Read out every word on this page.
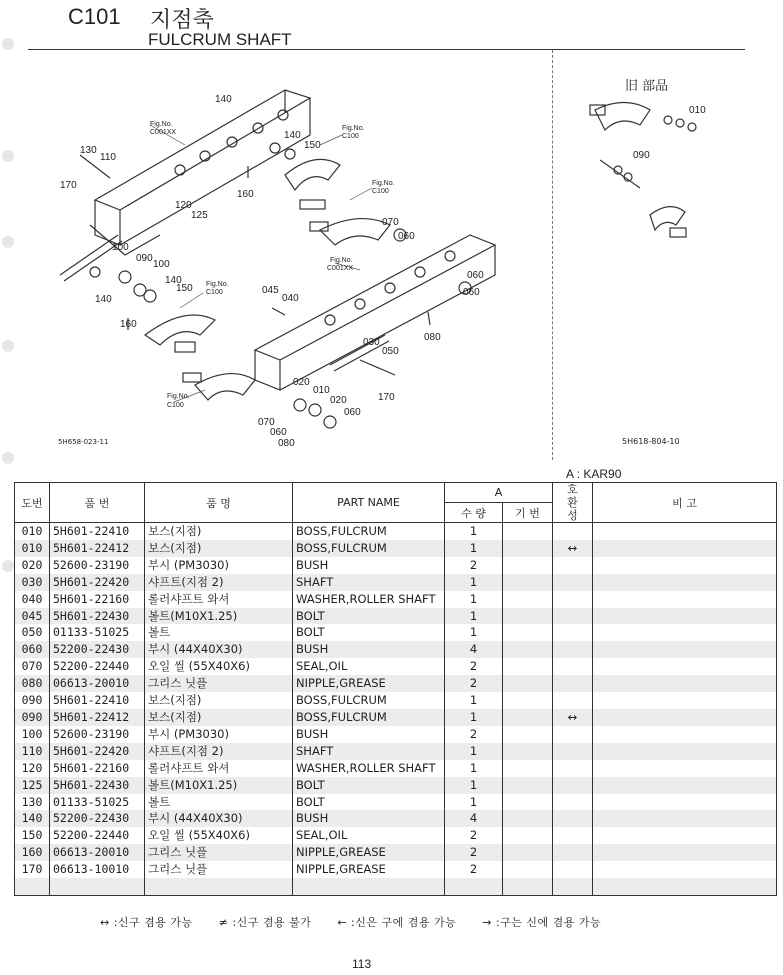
C101 지점축
FULCRUM SHAFT
140
130
110
170
140
150
160
120
125
100
090
100
140
150
140
160
070
060
060
060
045
040
080
030
050
170
020
010
020
060
070
060
080
010
090
Fig.No.
C001XX
Fig.No.
C100
Fig.No.
C100
Fig.No.
C001XX
Fig.No.
C100
Fig.No.
C100
旧 部品
5H658-023-11	5H618-804-10
A : KAR90
도번	품 번	품 명	PART NAME	A		호
환
성	비 고
				수 량	기 번		
010	5H601-22410	보스(지점)	BOSS,FULCRUM	1			
010	5H601-22412	보스(지점)	BOSS,FULCRUM	1		↔	
020	52600-23190	부시 (PM3030)	BUSH	2			
030	5H601-22420	샤프트(지점 2)	SHAFT	1			
040	5H601-22160	롤러샤프트 와셔	WASHER,ROLLER SHAFT	1			
045	5H601-22430	볼트(M10X1.25)	BOLT	1			
050	01133-51025	볼트	BOLT	1			
060	52200-22430	부시 (44X40X30)	BUSH	4			
070	52200-22440	오일 씰 (55X40X6)	SEAL,OIL	2			
080	06613-20010	그리스 닛플	NIPPLE,GREASE	2			
090	5H601-22410	보스(지점)	BOSS,FULCRUM	1			
090	5H601-22412	보스(지점)	BOSS,FULCRUM	1		↔	
100	52600-23190	부시 (PM3030)	BUSH	2			
110	5H601-22420	샤프트(지점 2)	SHAFT	1			
120	5H601-22160	롤러샤프트 와셔	WASHER,ROLLER SHAFT	1			
125	5H601-22430	볼트(M10X1.25)	BOLT	1			
130	01133-51025	볼트	BOLT	1			
140	52200-22430	부시 (44X40X30)	BUSH	4			
150	52200-22440	오일 씰 (55X40X6)	SEAL,OIL	2			
160	06613-20010	그리스 닛플	NIPPLE,GREASE	2			
170	06613-10010	그리스 닛플	NIPPLE,GREASE	2			

↔ :신구 겸용 가능 ≠ :신구 겸용 불가 ← :신은 구에 겸용 가능 → :구는 신에 겸용 가능
113
